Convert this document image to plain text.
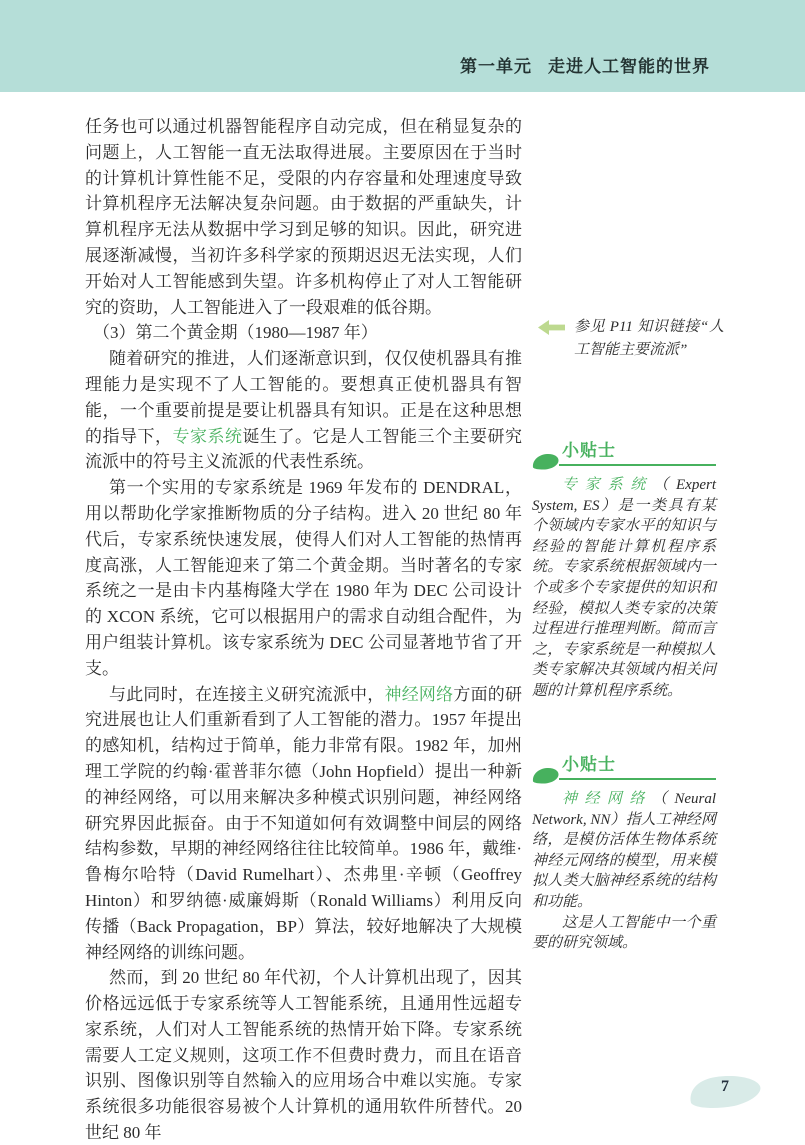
第一单元 走进人工智能的世界

任务也可以通过机器智能程序自动完成，但在稍显复杂的问题上，人工智能一直无法取得进展。主要原因在于当时的计算机计算性能不足，受限的内存容量和处理速度导致计算机程序无法解决复杂问题。由于数据的严重缺失，计算机程序无法从数据中学习到足够的知识。因此，研究进展逐渐减慢，当初许多科学家的预期迟迟无法实现，人们开始对人工智能感到失望。许多机构停止了对人工智能研究的资助，人工智能进入了一段艰难的低谷期。

（3）第二个黄金期（1980—1987 年）

随着研究的推进，人们逐渐意识到，仅仅使机器具有推理能力是实现不了人工智能的。要想真正使机器具有智能，一个重要前提是要让机器具有知识。正是在这种思想的指导下，专家系统诞生了。它是人工智能三个主要研究流派中的符号主义流派的代表性系统。

第一个实用的专家系统是 1969 年发布的 DENDRAL，用以帮助化学家推断物质的分子结构。进入 20 世纪 80 年代后，专家系统快速发展，使得人们对人工智能的热情再度高涨，人工智能迎来了第二个黄金期。当时著名的专家系统之一是由卡内基梅隆大学在 1980 年为 DEC 公司设计的 XCON 系统，它可以根据用户的需求自动组合配件，为用户组装计算机。该专家系统为 DEC 公司显著地节省了开支。

与此同时，在连接主义研究流派中，神经网络方面的研究进展也让人们重新看到了人工智能的潜力。1957 年提出的感知机，结构过于简单，能力非常有限。1982 年，加州理工学院的约翰·霍普菲尔德（John Hopfield）提出一种新的神经网络，可以用来解决多种模式识别问题，神经网络研究界因此振奋。由于不知道如何有效调整中间层的网络结构参数，早期的神经网络往往比较简单。1986 年，戴维·鲁梅尔哈特（David Rumelhart）、杰弗里·辛顿（Geoffrey Hinton）和罗纳德·威廉姆斯（Ronald Williams）利用反向传播（Back Propagation，BP）算法，较好地解决了大规模神经网络的训练问题。

然而，到 20 世纪 80 年代初，个人计算机出现了，因其价格远远低于专家系统等人工智能系统，且通用性远超专家系统，人们对人工智能系统的热情开始下降。专家系统需要人工定义规则，这项工作不但费时费力，而且在语音识别、图像识别等自然输入的应用场合中难以实施。专家系统很多功能很容易被个人计算机的通用软件所替代。20 世纪 80 年

参见 P11 知识链接“人工智能主要流派”
小贴士

专家系统（Expert System, ES）是一类具有某个领域内专家水平的知识与经验的智能计算机程序系统。专家系统根据领域内一个或多个专家提供的知识和经验，模拟人类专家的决策过程进行推理判断。简而言之，专家系统是一种模拟人类专家解决其领域内相关问题的计算机程序系统。

小贴士

神经网络（Neural Network, NN）指人工神经网络，是模仿活体生物体系统神经元网络的模型，用来模拟人类大脑神经系统的结构和功能。

这是人工智能中一个重要的研究领域。

7
